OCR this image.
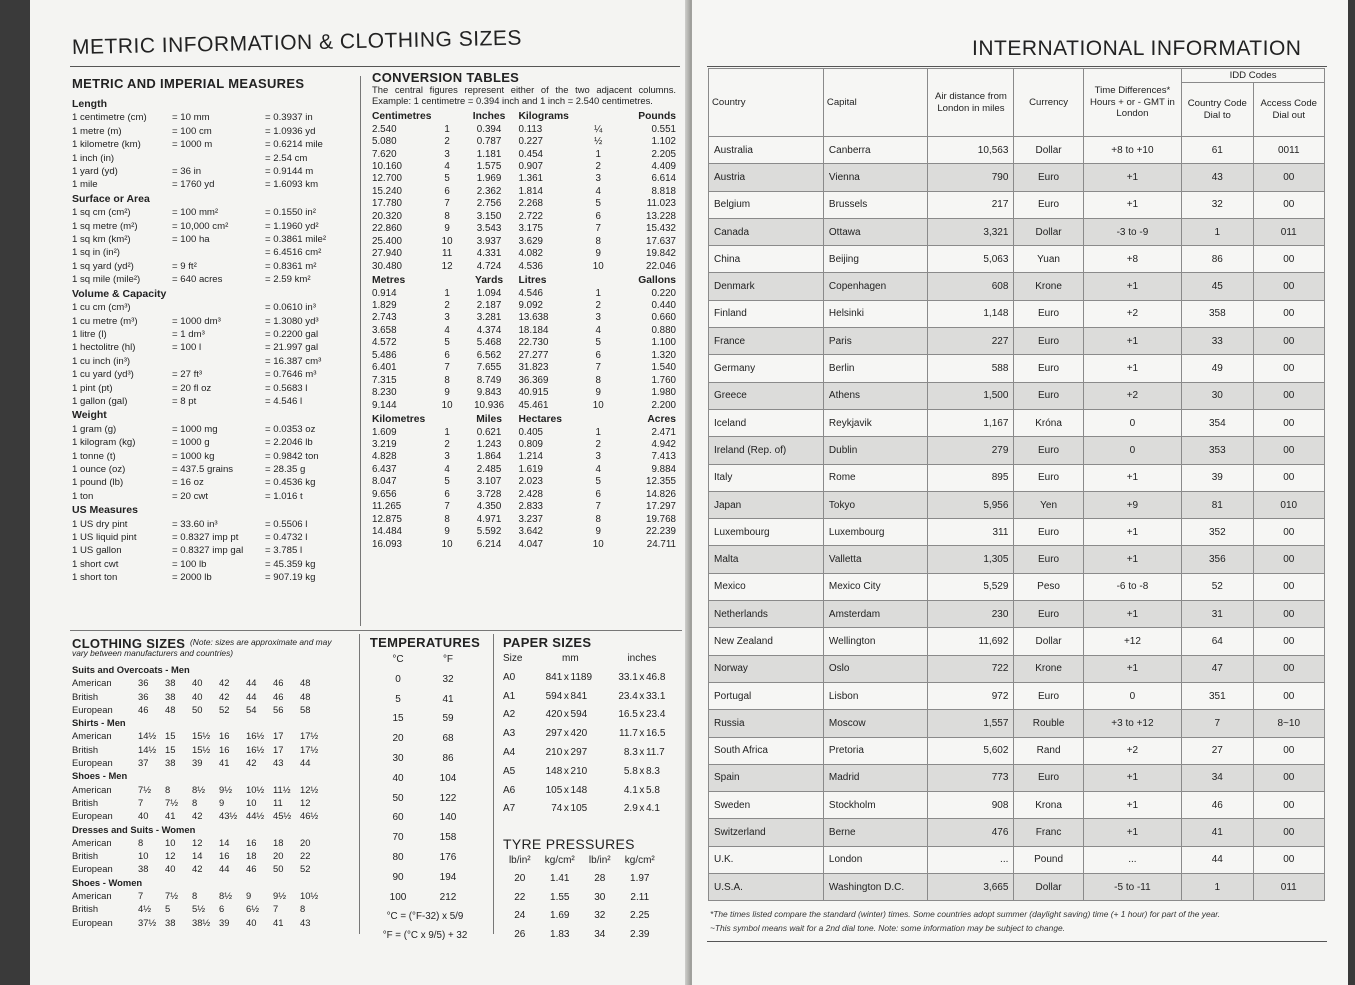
METRIC INFORMATION & CLOTHING SIZES
METRIC AND IMPERIAL MEASURES
Length		
1 centimetre (cm)	= 10 mm	= 0.3937 in
1 metre (m)	= 100 cm	= 1.0936 yd
1 kilometre (km)	= 1000 m	= 0.6214 mile

1 inch (in)		= 2.54 cm
1 yard (yd)	= 36 in	= 0.9144 m
1 mile	= 1760 yd	= 1.6093 km
Surface or Area		
1 sq cm (cm²)	= 100 mm²	= 0.1550 in²
1 sq metre (m²)	= 10,000 cm²	= 1.1960 yd²
1 sq km (km²)	= 100 ha	= 0.3861 mile²

1 sq in (in²)		= 6.4516 cm²
1 sq yard (yd²)	= 9 ft²	= 0.8361 m²
1 sq mile (mile²)	= 640 acres	= 2.59 km²
Volume & Capacity		
1 cu cm (cm³)		= 0.0610 in³
1 cu metre (m³)	= 1000 dm³	= 1.3080 yd³
1 litre (l)	= 1 dm³	= 0.2200 gal
1 hectolitre (hl)	= 100 l	= 21.997 gal
1 cu inch (in³)		= 16.387 cm³
1 cu yard (yd³)	= 27 ft³	= 0.7646 m³
1 pint (pt)	= 20 fl oz	= 0.5683 l
1 gallon (gal)	= 8 pt	= 4.546 l
Weight		
1 gram (g)	= 1000 mg	= 0.0353 oz
1 kilogram (kg)	= 1000 g	= 2.2046 lb
1 tonne (t)	= 1000 kg	= 0.9842 ton
1 ounce (oz)	= 437.5 grains	= 28.35 g
1 pound (lb)	= 16 oz	= 0.4536 kg
1 ton	= 20 cwt	= 1.016 t
US Measures		
1 US dry pint	= 33.60 in³	= 0.5506 l
1 US liquid pint	= 0.8327 imp pt	= 0.4732 l
1 US gallon	= 0.8327 imp gal	= 3.785 l
1 short cwt	= 100 lb	= 45.359 kg
1 short ton	= 2000 lb	= 907.19 kg
CONVERSION TABLES
The central figures represent either of the two adjacent columns. Example: 1 centimetre = 0.394 inch and 1 inch = 2.540 centimetres.
Centimetres		Inches	Kilograms		Pounds
2.540	1	0.394	0.113	¼	0.551
5.080	2	0.787	0.227	½	1.102
7.620	3	1.181	0.454	1	2.205
10.160	4	1.575	0.907	2	4.409
12.700	5	1.969	1.361	3	6.614
15.240	6	2.362	1.814	4	8.818
17.780	7	2.756	2.268	5	11.023
20.320	8	3.150	2.722	6	13.228
22.860	9	3.543	3.175	7	15.432
25.400	10	3.937	3.629	8	17.637
27.940	11	4.331	4.082	9	19.842
30.480	12	4.724	4.536	10	22.046
Metres		Yards	Litres		Gallons
0.914	1	1.094	4.546	1	0.220
1.829	2	2.187	9.092	2	0.440
2.743	3	3.281	13.638	3	0.660
3.658	4	4.374	18.184	4	0.880
4.572	5	5.468	22.730	5	1.100
5.486	6	6.562	27.277	6	1.320
6.401	7	7.655	31.823	7	1.540
7.315	8	8.749	36.369	8	1.760
8.230	9	9.843	40.915	9	1.980
9.144	10	10.936	45.461	10	2.200
Kilometres		Miles	Hectares		Acres
1.609	1	0.621	0.405	1	2.471
3.219	2	1.243	0.809	2	4.942
4.828	3	1.864	1.214	3	7.413
6.437	4	2.485	1.619	4	9.884
8.047	5	3.107	2.023	5	12.355
9.656	6	3.728	2.428	6	14.826
11.265	7	4.350	2.833	7	17.297
12.875	8	4.971	3.237	8	19.768
14.484	9	5.592	3.642	9	22.239
16.093	10	6.214	4.047	10	24.711
CLOTHING SIZES (Note: sizes are approximate and may vary between manufacturers and countries)
Suits and Overcoats - Men							
American	36	38	40	42	44	46	48
British	36	38	40	42	44	46	48
European	46	48	50	52	54	56	58
Shirts - Men							
American	14½	15	15½	16	16½	17	17½
British	14½	15	15½	16	16½	17	17½
European	37	38	39	41	42	43	44
Shoes - Men							
American	7½	8	8½	9½	10½	11½	12½
British	7	7½	8	9	10	11	12
European	40	41	42	43½	44½	45½	46½
Dresses and Suits - Women							
American	8	10	12	14	16	18	20
British	10	12	14	16	18	20	22
European	38	40	42	44	46	50	52
Shoes - Women							
American	7	7½	8	8½	9	9½	10½
British	4½	5	5½	6	6½	7	8
European	37½	38	38½	39	40	41	43
TEMPERATURES
°C	°F
0	32
5	41
15	59
20	68
30	86
40	104
50	122
60	140
70	158
80	176
90	194
100	212
°C = (°F-32) x 5/9
°F = (°C x 9/5) + 32
PAPER SIZES
Size	mm			inches		
A0	841	x	1189	33.1	x	46.8
A1	594	x	841	23.4	x	33.1
A2	420	x	594	16.5	x	23.4
A3	297	x	420	11.7	x	16.5
A4	210	x	297	8.3	x	11.7
A5	148	x	210	5.8	x	8.3
A6	105	x	148	4.1	x	5.8
A7	74	x	105	2.9	x	4.1
TYRE PRESSURES
lb/in²	kg/cm²	lb/in²	kg/cm²
20	1.41	28	1.97
22	1.55	30	2.11
24	1.69	32	2.25
26	1.83	34	2.39
INTERNATIONAL INFORMATION
Country	Capital	Air distance from London in miles	Currency	Time Differences* Hours + or - GMT in London	IDD Codes	
					Country Code Dial to	Access Code Dial out
Australia	Canberra	10,563	Dollar	+8 to +10	61	0011
Austria	Vienna	790	Euro	+1	43	00
Belgium	Brussels	217	Euro	+1	32	00
Canada	Ottawa	3,321	Dollar	-3 to -9	1	011
China	Beijing	5,063	Yuan	+8	86	00
Denmark	Copenhagen	608	Krone	+1	45	00
Finland	Helsinki	1,148	Euro	+2	358	00
France	Paris	227	Euro	+1	33	00
Germany	Berlin	588	Euro	+1	49	00
Greece	Athens	1,500	Euro	+2	30	00
Iceland	Reykjavik	1,167	Króna	0	354	00
Ireland (Rep. of)	Dublin	279	Euro	0	353	00
Italy	Rome	895	Euro	+1	39	00
Japan	Tokyo	5,956	Yen	+9	81	010
Luxembourg	Luxembourg	311	Euro	+1	352	00
Malta	Valletta	1,305	Euro	+1	356	00
Mexico	Mexico City	5,529	Peso	-6 to -8	52	00
Netherlands	Amsterdam	230	Euro	+1	31	00
New Zealand	Wellington	11,692	Dollar	+12	64	00
Norway	Oslo	722	Krone	+1	47	00
Portugal	Lisbon	972	Euro	0	351	00
Russia	Moscow	1,557	Rouble	+3 to +12	7	8~10
South Africa	Pretoria	5,602	Rand	+2	27	00
Spain	Madrid	773	Euro	+1	34	00
Sweden	Stockholm	908	Krona	+1	46	00
Switzerland	Berne	476	Franc	+1	41	00
U.K.	London	...	Pound	...	44	00
U.S.A.	Washington D.C.	3,665	Dollar	-5 to -11	1	011
*The times listed compare the standard (winter) times. Some countries adopt summer (daylight saving) time (+ 1 hour) for part of the year.
~This symbol means wait for a 2nd dial tone. Note: some information may be subject to change.
